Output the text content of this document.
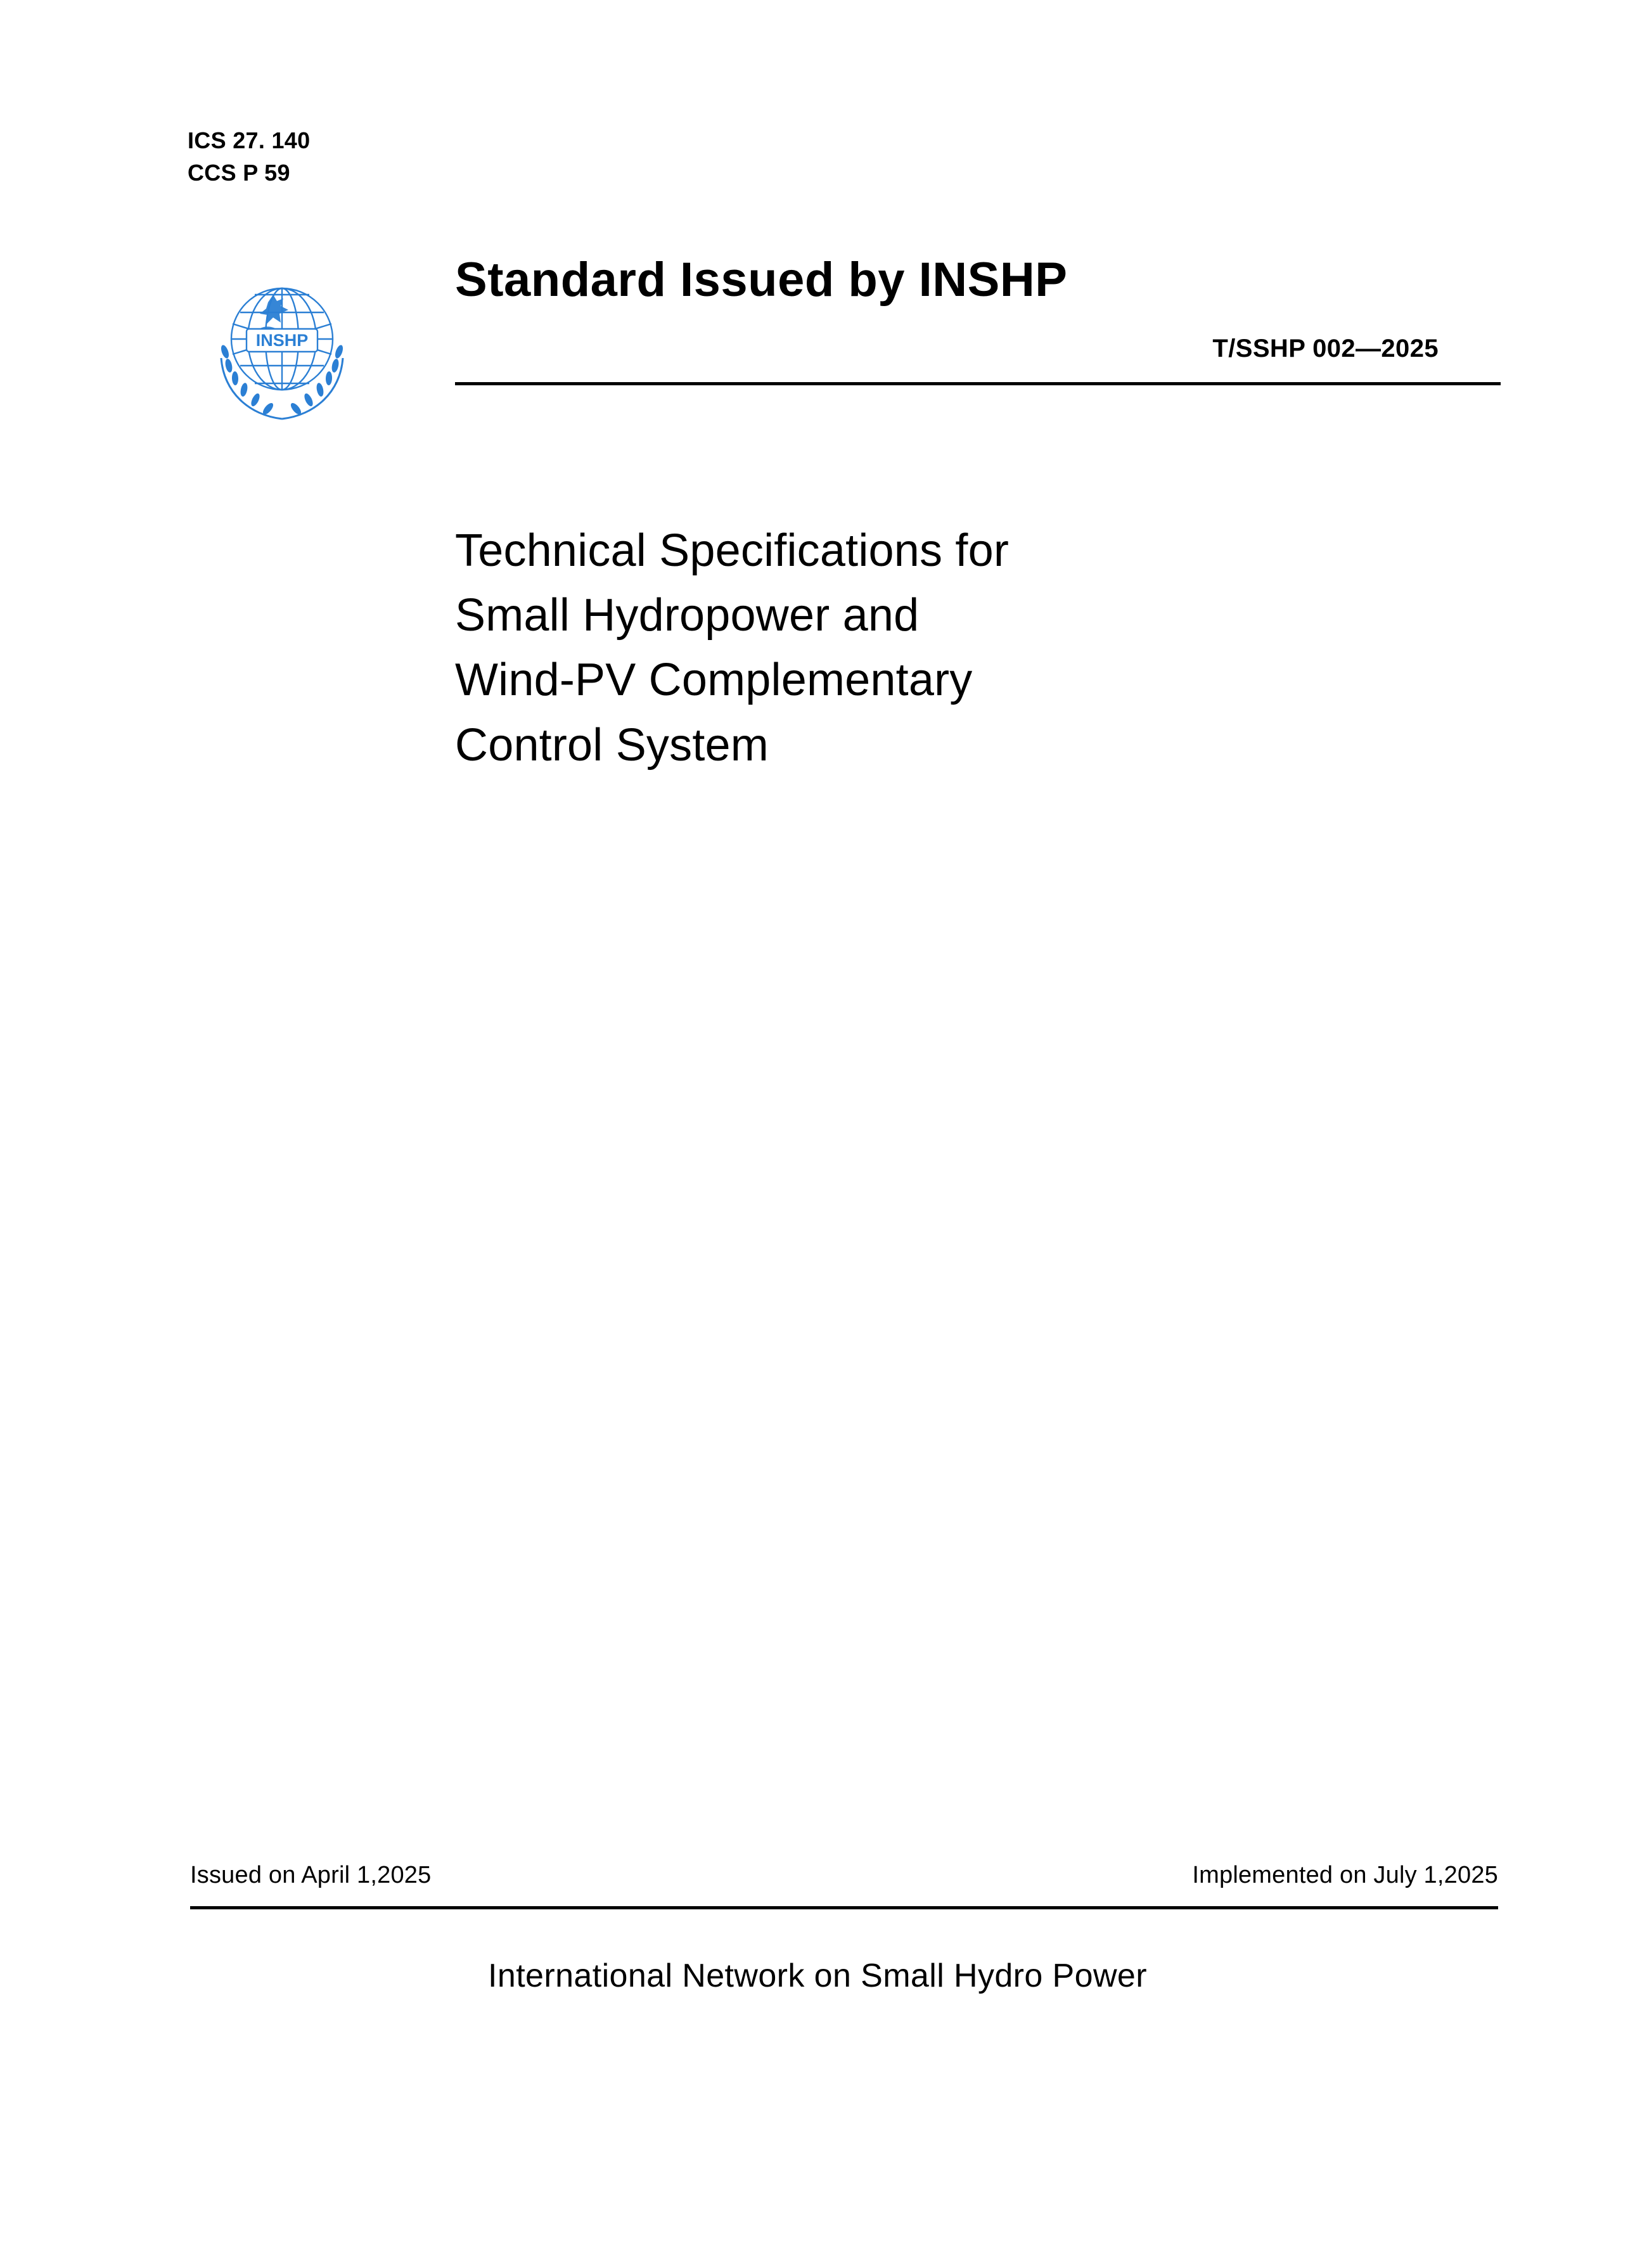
ICS 27. 140
CCS P 59
INSHP
Standard Issued by INSHP
T/SSHP 002—2025
Technical Specifications for
Small Hydropower and
Wind-PV Complementary
Control System
Issued on April 1,2025	Implemented on July 1,2025
International Network on Small Hydro Power
